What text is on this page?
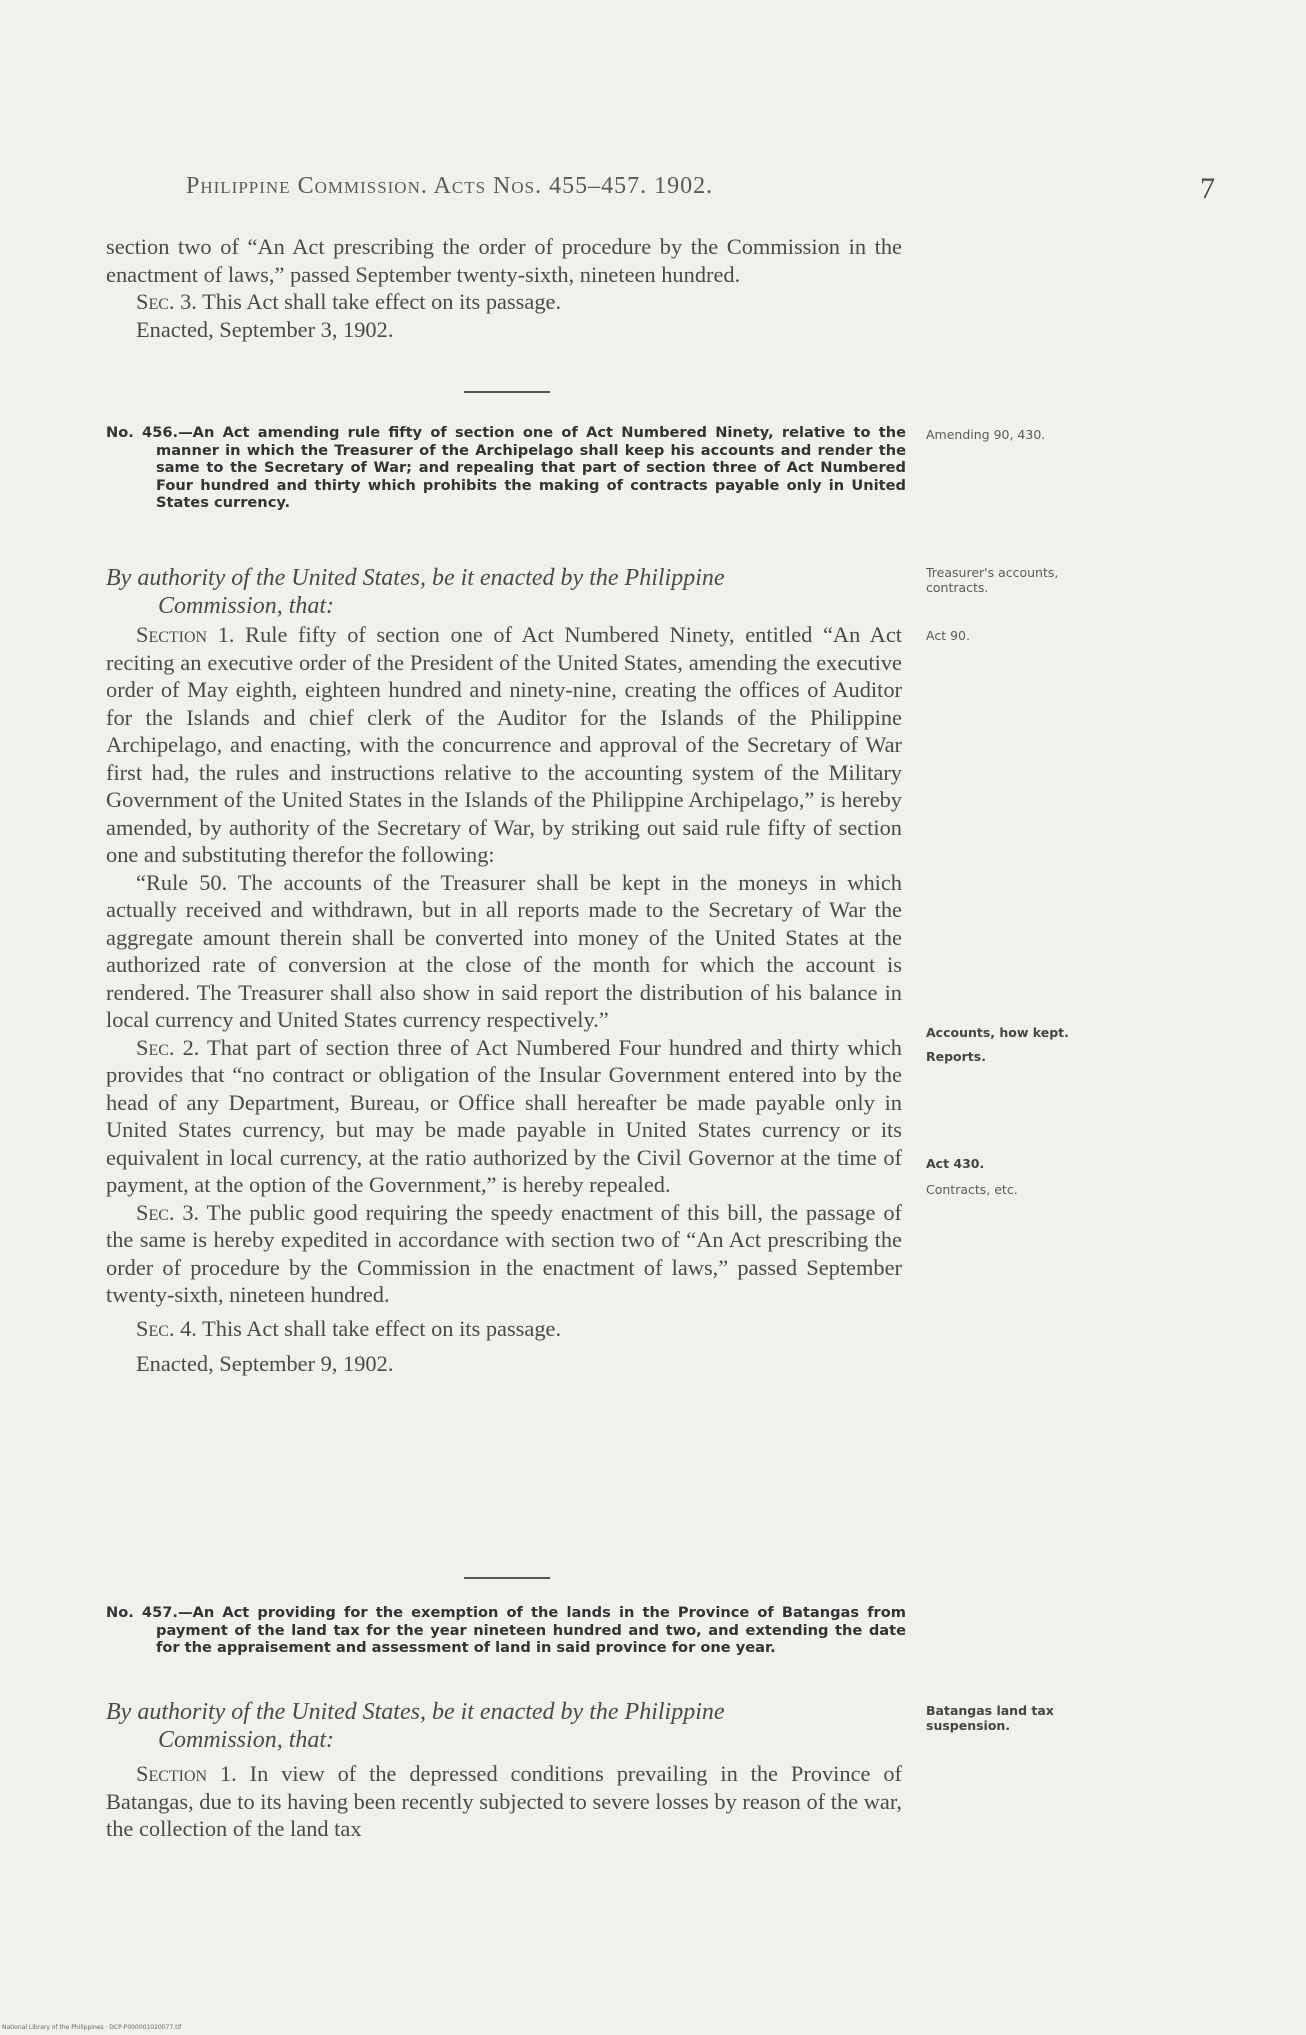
Philippine Commission. Acts Nos. 455–457. 1902.	7

section two of “An Act prescribing the order of procedure by the Commission in the enactment of laws,” passed September twenty-sixth, nineteen hundred.

Sec. 3. This Act shall take effect on its passage.

Enacted, September 3, 1902.

No. 456.—An Act amending rule fifty of section one of Act Numbered Ninety, relative to the manner in which the Treasurer of the Archipelago shall keep his accounts and render the same to the Secretary of War; and repealing that part of section three of Act Numbered Four hundred and thirty which prohibits the making of contracts payable only in United States currency.
Amending 90, 430.
By authority of the United States, be it enacted by the Philippine
Commission, that:
Treasurer's accounts, contracts.

Section 1. Rule fifty of section one of Act Numbered Ninety, entitled “An Act reciting an executive order of the President of the United States, amending the executive order of May eighth, eighteen hundred and ninety-nine, creating the offices of Auditor for the Islands and chief clerk of the Auditor for the Islands of the Philippine Archipelago, and enacting, with the concurrence and approval of the Secretary of War first had, the rules and instructions relative to the accounting system of the Military Government of the United States in the Islands of the Philippine Archipelago,” is hereby amended, by authority of the Secretary of War, by striking out said rule fifty of section one and substituting therefor the following:

“Rule 50. The accounts of the Treasurer shall be kept in the moneys in which actually received and withdrawn, but in all reports made to the Secretary of War the aggregate amount therein shall be converted into money of the United States at the authorized rate of conversion at the close of the month for which the account is rendered. The Treasurer shall also show in said report the distribution of his balance in local currency and United States currency respectively.”

Sec. 2. That part of section three of Act Numbered Four hundred and thirty which provides that “no contract or obligation of the Insular Government entered into by the head of any Department, Bureau, or Office shall hereafter be made payable only in United States currency, but may be made payable in United States currency or its equivalent in local currency, at the ratio authorized by the Civil Governor at the time of payment, at the option of the Government,” is hereby repealed.

Sec. 3. The public good requiring the speedy enactment of this bill, the passage of the same is hereby expedited in accordance with section two of “An Act prescribing the order of procedure by the Commission in the enactment of laws,” passed September twenty-sixth, nineteen hundred.

Sec. 4. This Act shall take effect on its passage.

Enacted, September 9, 1902.

Act 90.
Accounts, how kept.
Reports.
Act 430.
Contracts, etc.
No. 457.—An Act providing for the exemption of the lands in the Province of Batangas from payment of the land tax for the year nineteen hundred and two, and extending the date for the appraisement and assessment of land in said province for one year.
By authority of the United States, be it enacted by the Philippine
Commission, that:
Batangas land tax suspension.

Section 1. In view of the depressed conditions prevailing in the Province of Batangas, due to its having been recently subjected to severe losses by reason of the war, the collection of the land tax

National Library of the Philippines · DCP-P000001020077.tif
